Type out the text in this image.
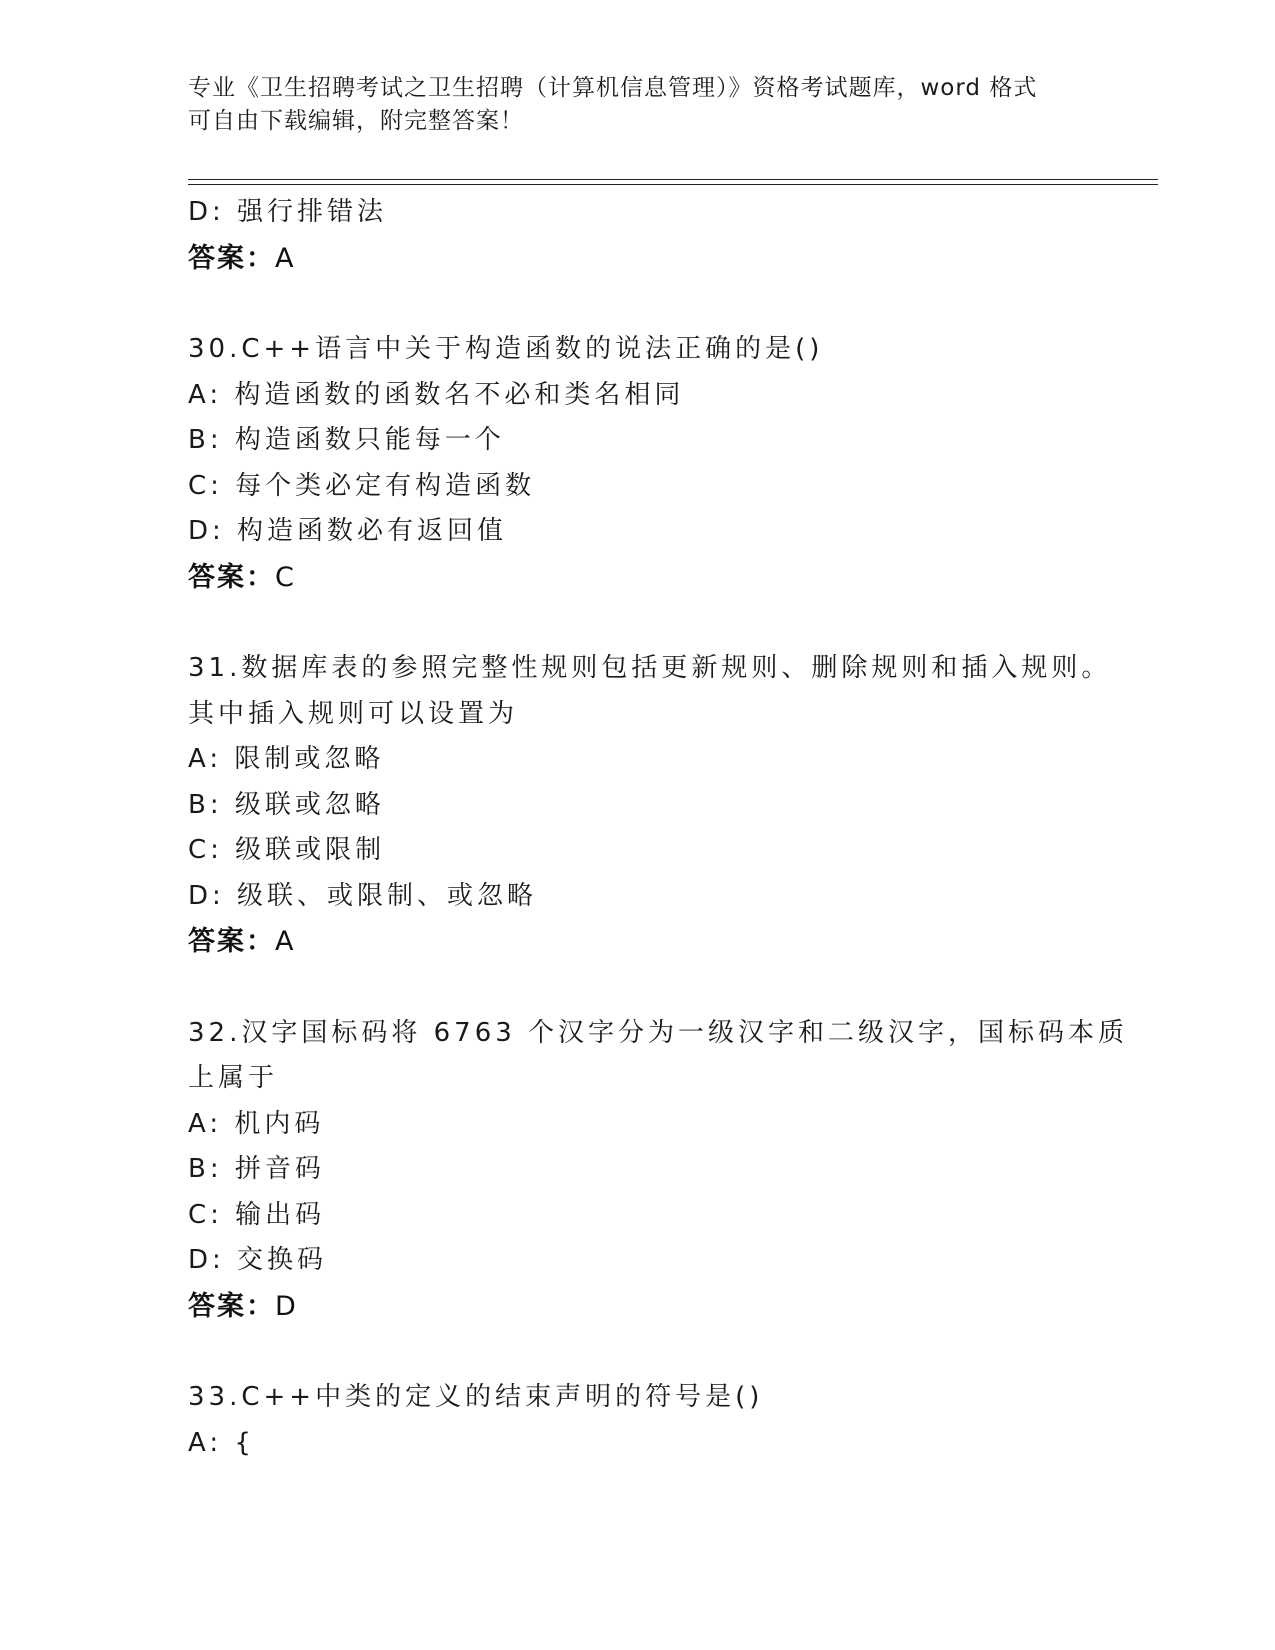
专业《卫生招聘考试之卫生招聘（计算机信息管理）》资格考试题库，word 格式
可自由下载编辑，附完整答案！
D: 强行排错法
答案：A
30.C++语言中关于构造函数的说法正确的是()
A: 构造函数的函数名不必和类名相同
B: 构造函数只能每一个
C: 每个类必定有构造函数
D: 构造函数必有返回值
答案：C
31.数据库表的参照完整性规则包括更新规则、删除规则和插入规则。
其中插入规则可以设置为
A: 限制或忽略
B: 级联或忽略
C: 级联或限制
D: 级联、或限制、或忽略
答案：A
32.汉字国标码将 6763 个汉字分为一级汉字和二级汉字，国标码本质
上属于
A: 机内码
B: 拼音码
C: 输出码
D: 交换码
答案：D
33.C++中类的定义的结束声明的符号是()
A: {
